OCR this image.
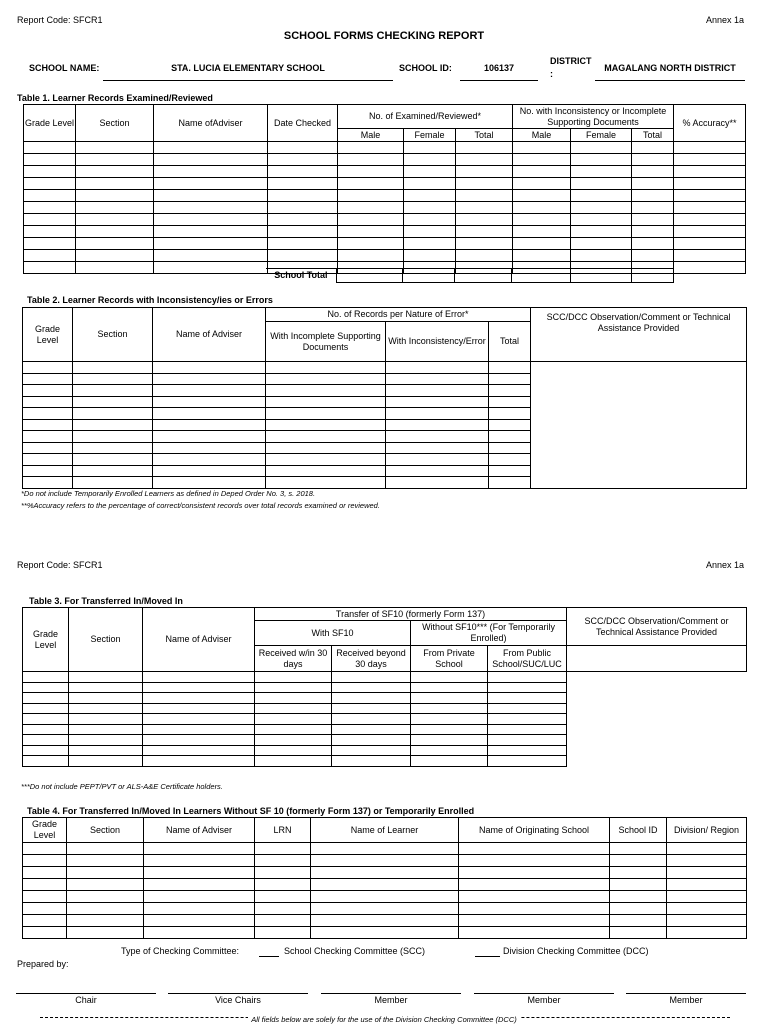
Report Code: SFCR1	Annex 1a
SCHOOL FORMS CHECKING REPORT
SCHOOL NAME:	STA. LUCIA ELEMENTARY SCHOOL	SCHOOL ID:	106137
DISTRICT
:
MAGALANG NORTH DISTRICT
Table 1. Learner Records Examined/Reviewed
Grade Level	Section	Name ofAdviser	Date Checked	No. of Examined/Reviewed*			No. with Inconsistency or Incomplete Supporting Documents			% Accuracy**
				Male	Female	Total	Male	Female	Total	

School Total						
Table 2. Learner Records with Inconsistency/ies or Errors
Grade Level	Section	Name of Adviser	No. of Records per Nature of Error*			SCC/DCC Observation/Comment or Technical Assistance Provided
			With Incomplete Supporting Documents	With Inconsistency/Error	Total	

*Do not include Temporarily Enrolled Learners as defined in Deped Order No. 3, s. 2018.
**%Accuracy refers to the percentage of correct/consistent records over total records examined or reviewed.
Report Code: SFCR1	Annex 1a
Table 3. For Transferred In/Moved In
Grade Level	Section	Name of Adviser	Transfer of SF10 (formerly Form 137)				SCC/DCC Observation/Comment or Technical Assistance Provided
			With SF10		Without SF10*** (For Temporarily Enrolled)		
			Received w/in 30 days	Received beyond 30 days	From Private School	From Public School/SUC/LUC	

***Do not include PEPT/PVT or ALS-A&E Certificate holders.
Table 4. For Transferred In/Moved In Learners Without SF 10 (formerly Form 137) or Temporarily Enrolled
Grade Level	Section	Name of Adviser	LRN	Name of Learner	Name of Originating School	School ID	Division/ Region

Type of Checking Committee:	School Checking Committee (SCC)	Division Checking Committee (DCC)
Prepared by:
Chair	Vice Chairs	Member	Member	Member
All fields below are solely for the use of the Division Checking Committee (DCC)
